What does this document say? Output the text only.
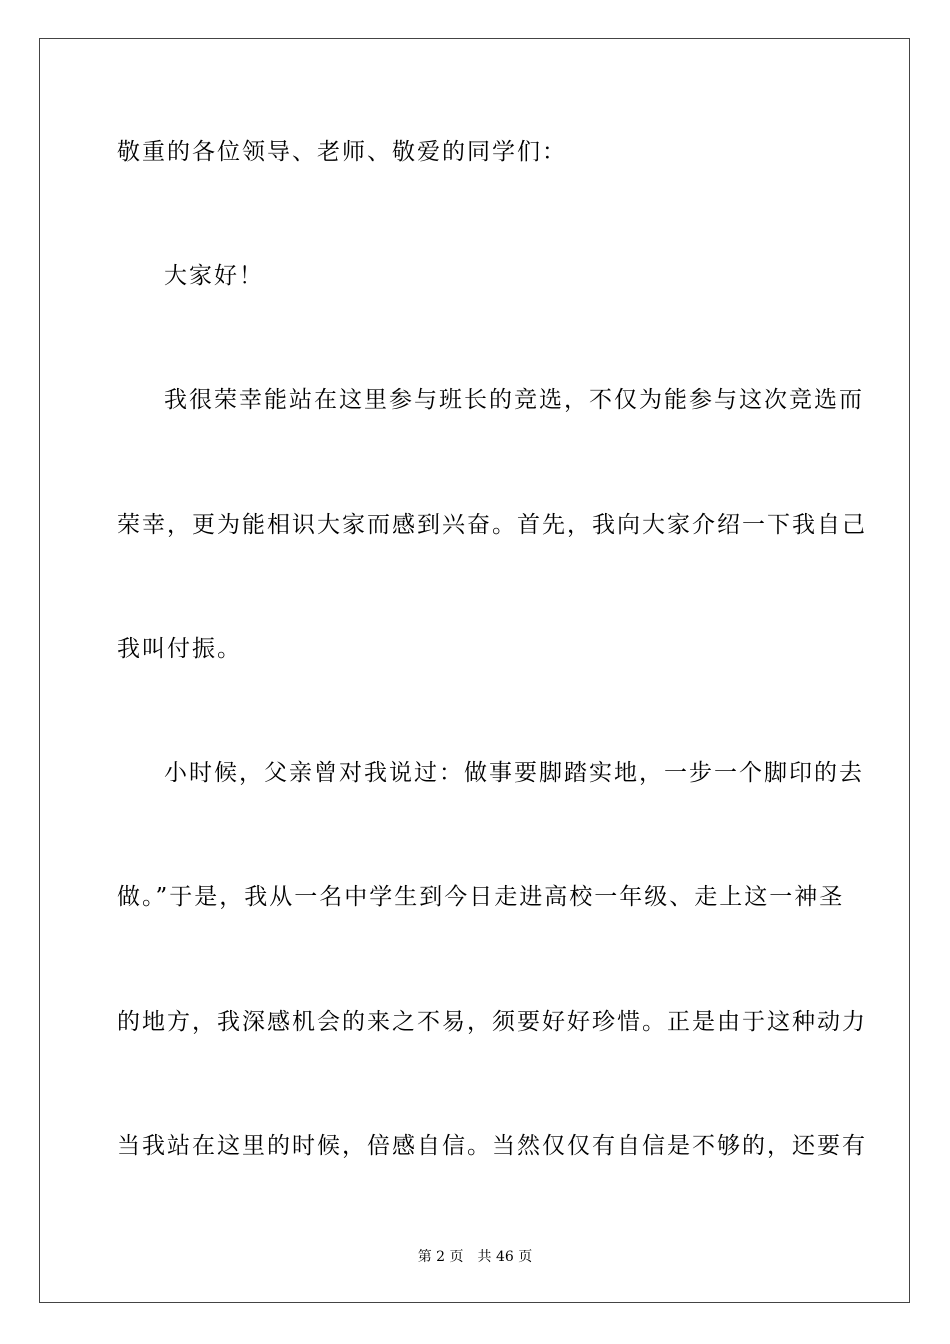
敬重的各位领导、老师、敬爱的同学们：
大家好！
我很荣幸能站在这里参与班长的竞选，不仅为能参与这次竞选而
荣幸，更为能相识大家而感到兴奋。首先，我向大家介绍一下我自己
我叫付振。
小时候，父亲曾对我说过：做事要脚踏实地，一步一个脚印的去
做。”于是，我从一名中学生到今日走进高校一年级、走上这一神圣
的地方，我深感机会的来之不易，须要好好珍惜。正是由于这种动力
当我站在这里的时候，倍感自信。当然仅仅有自信是不够的，还要有
第 2 页　共 46 页
